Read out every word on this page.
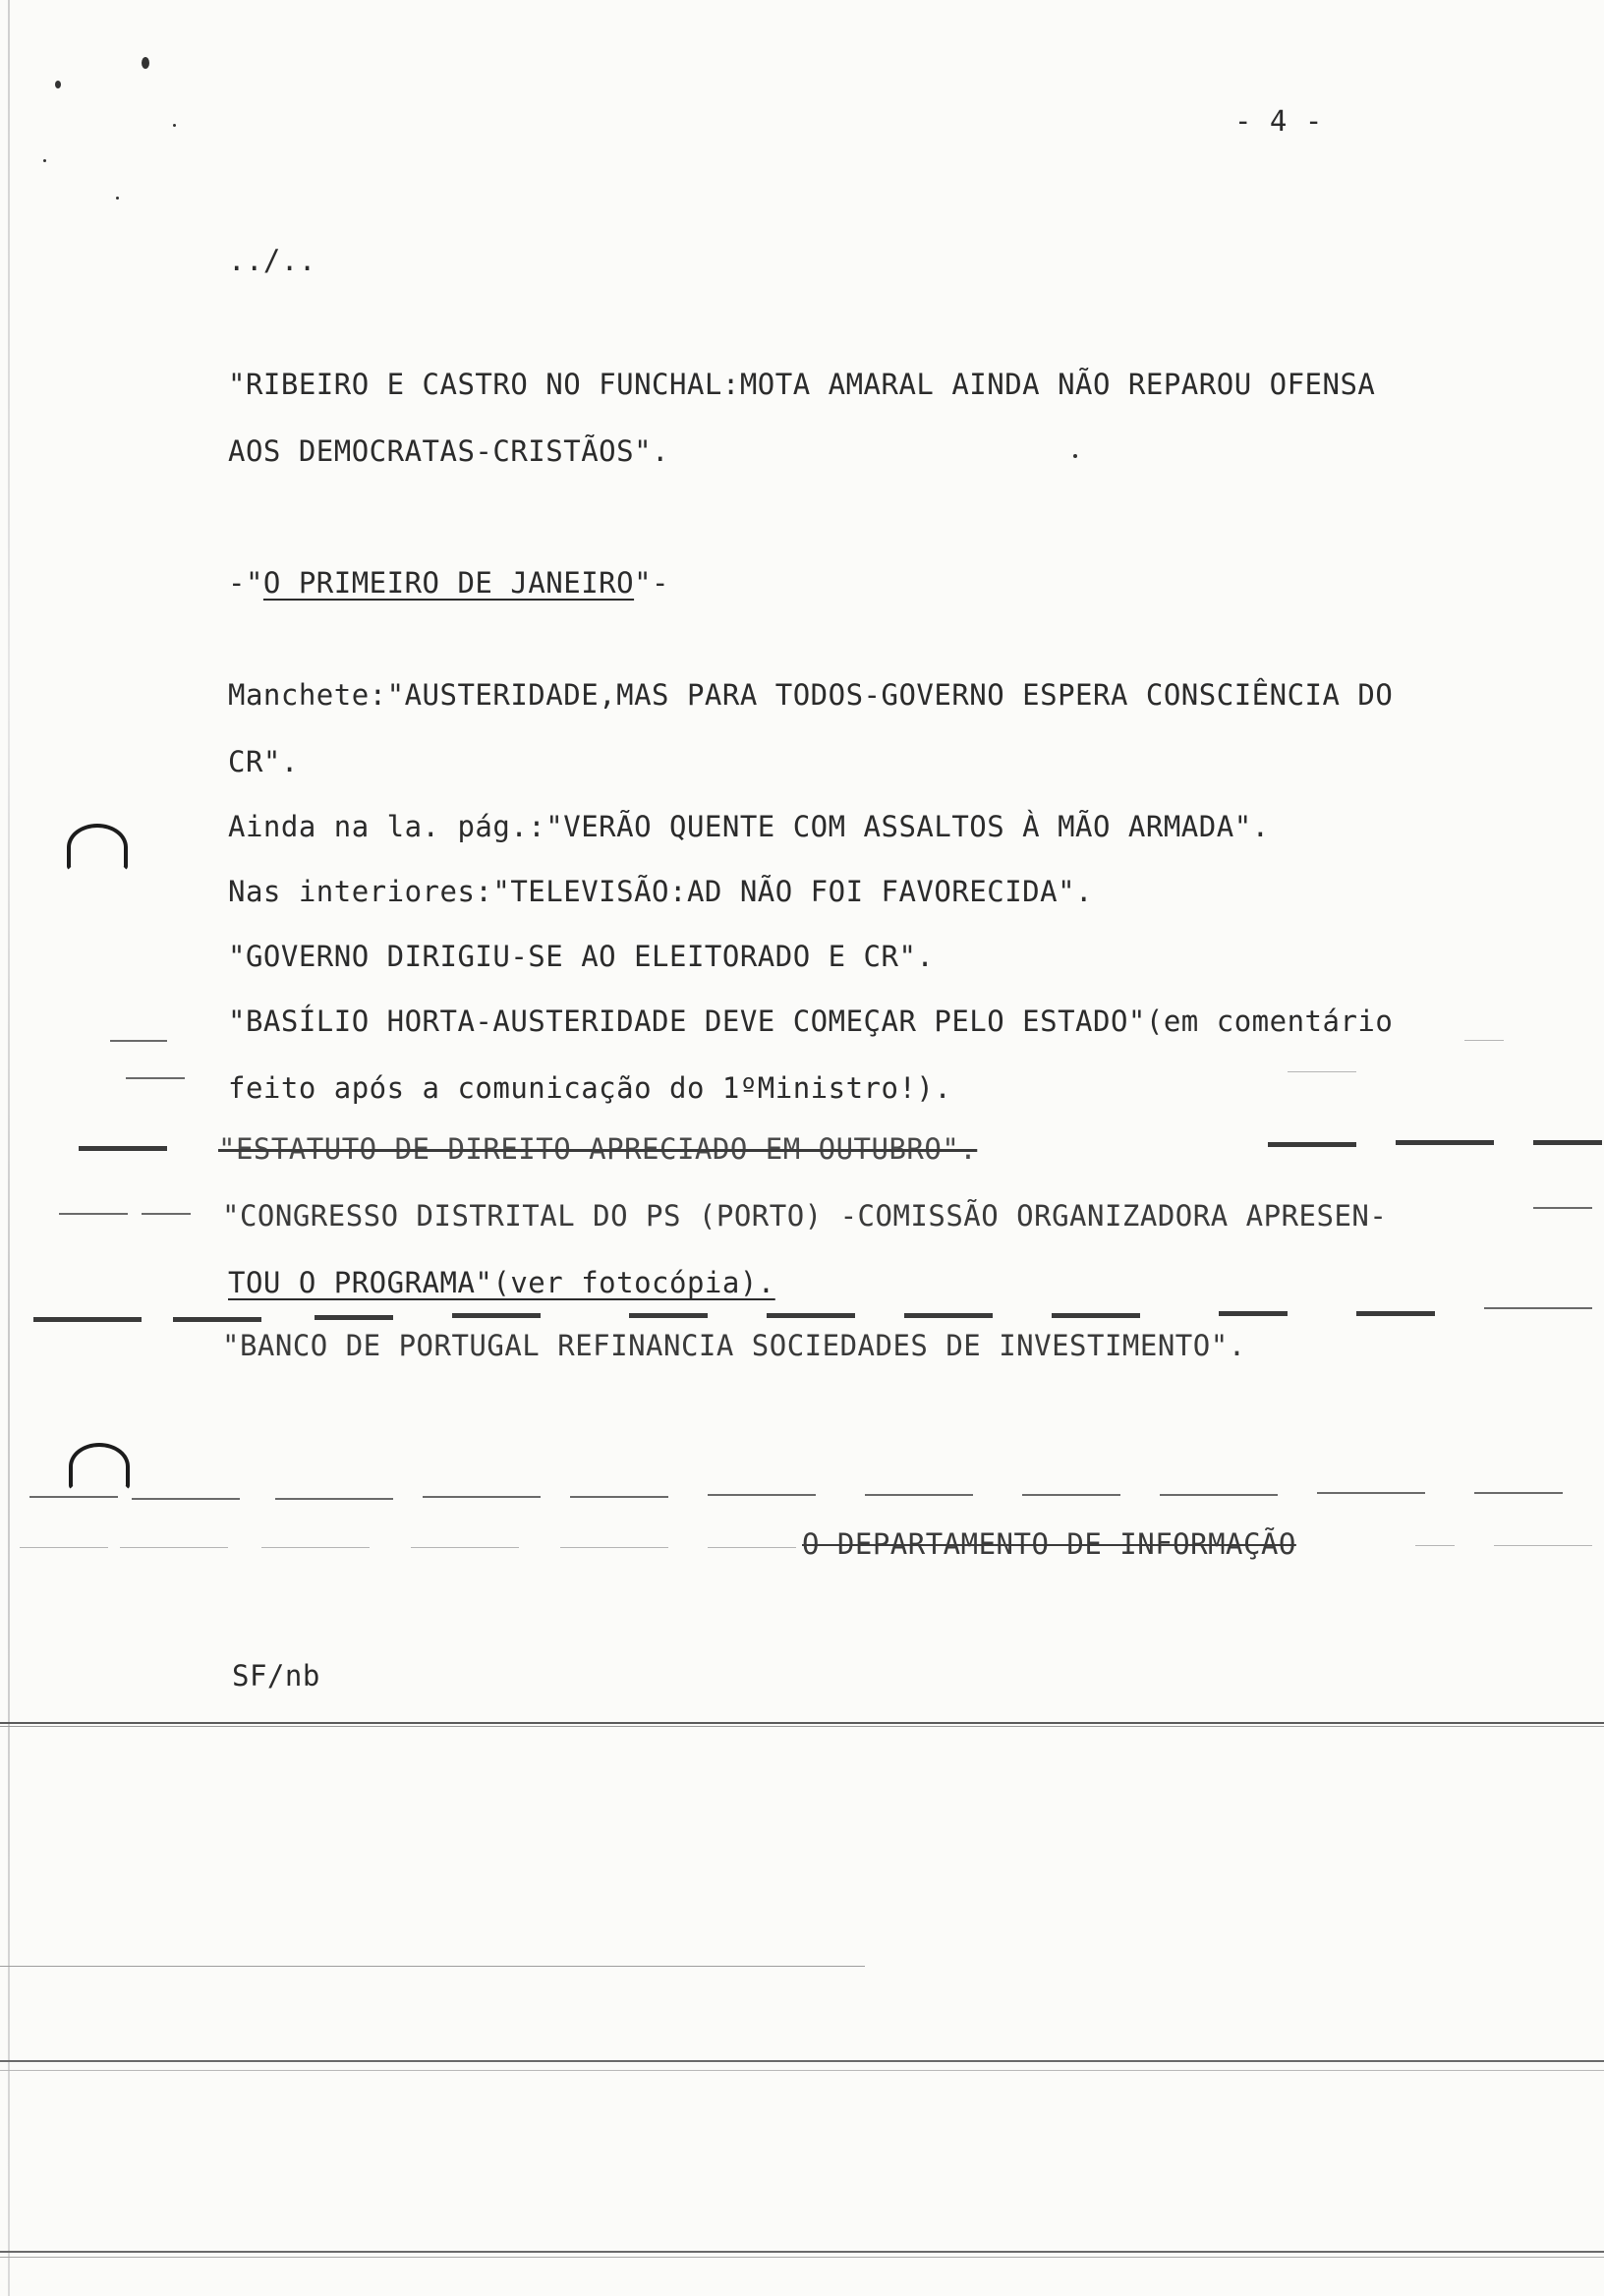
- 4 -
../..
"RIBEIRO E CASTRO NO FUNCHAL:MOTA AMARAL AINDA NÃO REPAROU OFENSA
AOS DEMOCRATAS-CRISTÃOS".
-"O PRIMEIRO DE JANEIRO"-
Manchete:"AUSTERIDADE,MAS PARA TODOS-GOVERNO ESPERA CONSCIÊNCIA DO
CR".
Ainda na la. pág.:"VERÃO QUENTE COM ASSALTOS À MÃO ARMADA".
Nas interiores:"TELEVISÃO:AD NÃO FOI FAVORECIDA".
"GOVERNO DIRIGIU-SE AO ELEITORADO E CR".
"BASÍLIO HORTA-AUSTERIDADE DEVE COMEÇAR PELO ESTADO"(em comentário
feito após a comunicação do 1ºMinistro!).
"ESTATUTO DE DIREITO APRECIADO EM OUTUBRO".
"CONGRESSO DISTRITAL DO PS (PORTO) -COMISSÃO ORGANIZADORA APRESEN-
TOU O PROGRAMA"(ver fotocópia).
"BANCO DE PORTUGAL REFINANCIA SOCIEDADES DE INVESTIMENTO".
O DEPARTAMENTO DE INFORMAÇÃO
SF/nb
